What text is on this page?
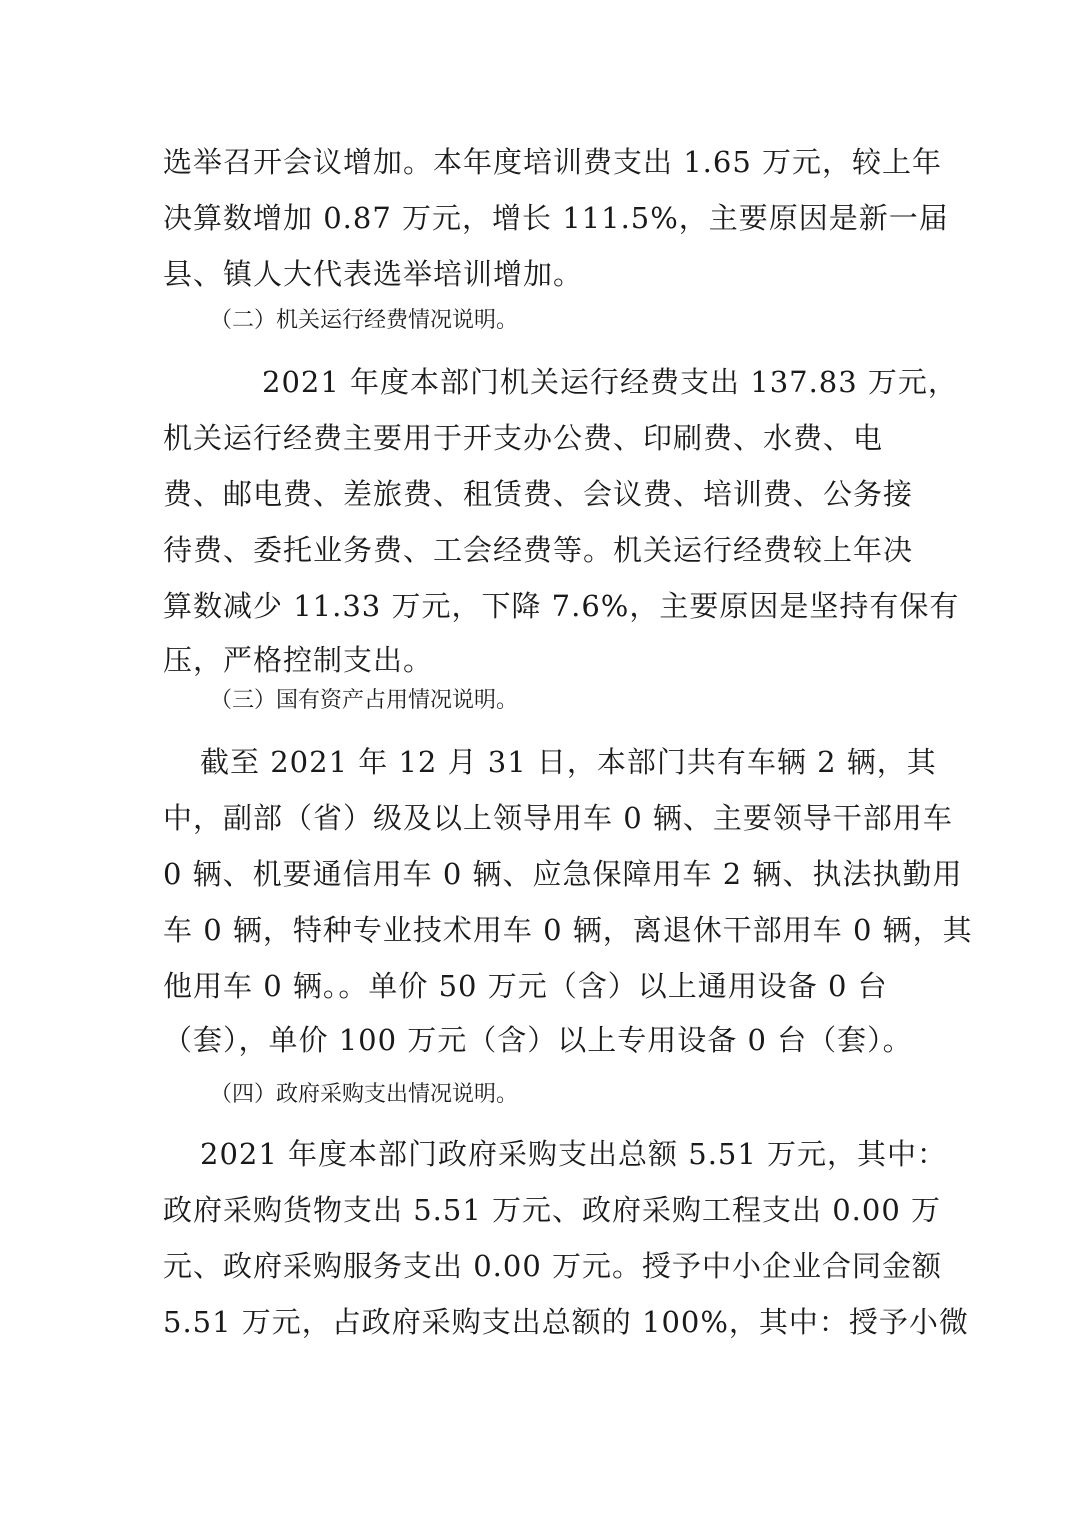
选举召开会议增加。本年度培训费支出 1.65 万元，较上年
决算数增加 0.87 万元，增长 111.5%，主要原因是新一届
县、镇人大代表选举培训增加。
（二）机关运行经费情况说明。
2021 年度本部门机关运行经费支出 137.83 万元，
机关运行经费主要用于开支办公费、印刷费、水费、电
费、邮电费、差旅费、租赁费、会议费、培训费、公务接
待费、委托业务费、工会经费等。机关运行经费较上年决
算数减少 11.33 万元，下降 7.6%，主要原因是坚持有保有
压，严格控制支出。
（三）国有资产占用情况说明。
截至 2021 年 12 月 31 日，本部门共有车辆 2 辆，其
中，副部（省）级及以上领导用车 0 辆、主要领导干部用车
0 辆、机要通信用车 0 辆、应急保障用车 2 辆、执法执勤用
车 0 辆，特种专业技术用车 0 辆，离退休干部用车 0 辆，其
他用车 0 辆。。单价 50 万元（含）以上通用设备 0 台
（套），单价 100 万元（含）以上专用设备 0 台（套）。
（四）政府采购支出情况说明。
2021 年度本部门政府采购支出总额 5.51 万元，其中：
政府采购货物支出 5.51 万元、政府采购工程支出 0.00 万
元、政府采购服务支出 0.00 万元。授予中小企业合同金额
5.51 万元，占政府采购支出总额的 100%，其中：授予小微
